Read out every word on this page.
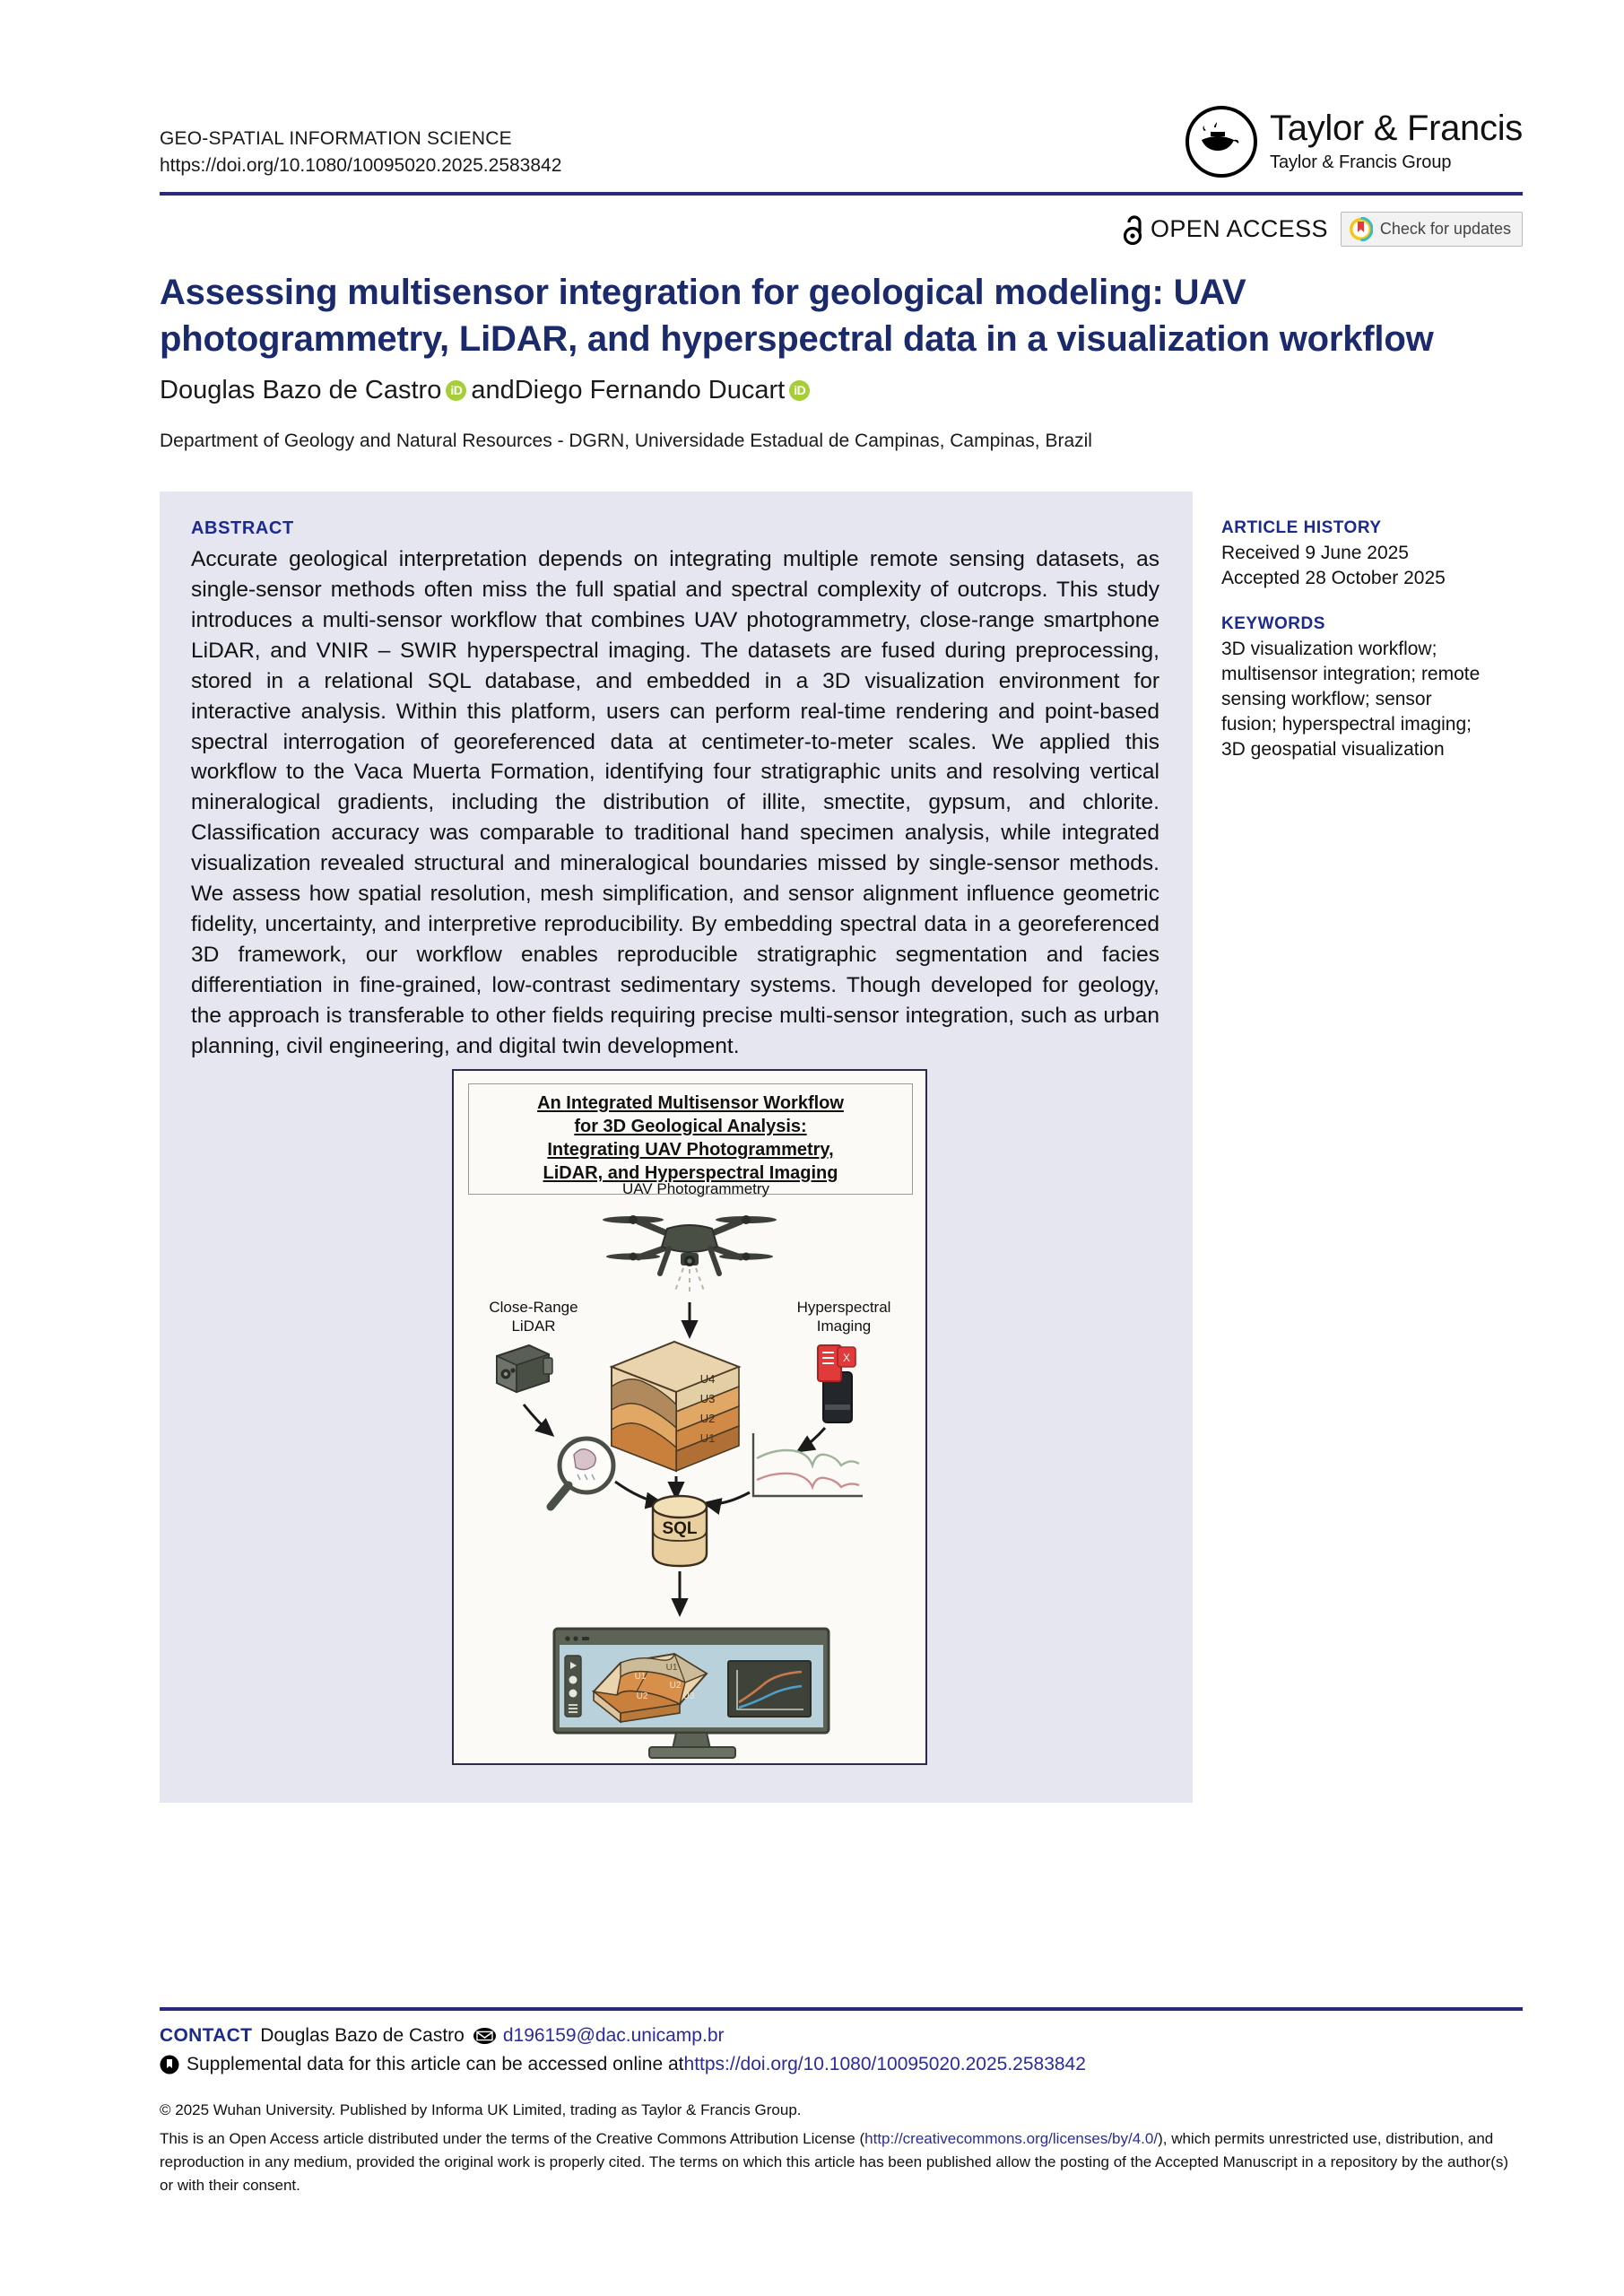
GEO-SPATIAL INFORMATION SCIENCE
https://doi.org/10.1080/10095020.2025.2583842
Taylor & Francis
Taylor & Francis Group
OPEN ACCESS	Check for updates
Assessing multisensor integration for geological modeling: UAV photogrammetry, LiDAR, and hyperspectral data in a visualization workflow
Douglas Bazo de Castro iD and Diego Fernando Ducart iD
Department of Geology and Natural Resources - DGRN, Universidade Estadual de Campinas, Campinas, Brazil
ABSTRACT
Accurate geological interpretation depends on integrating multiple remote sensing datasets, as single-sensor methods often miss the full spatial and spectral complexity of outcrops. This study introduces a multi-sensor workflow that combines UAV photogrammetry, close-range smartphone LiDAR, and VNIR – SWIR hyperspectral imaging. The datasets are fused during preprocessing, stored in a relational SQL database, and embedded in a 3D visualization environment for interactive analysis. Within this platform, users can perform real-time rendering and point-based spectral interrogation of georeferenced data at centimeter-to-meter scales. We applied this workflow to the Vaca Muerta Formation, identifying four stratigraphic units and resolving vertical mineralogical gradients, including the distribution of illite, smectite, gypsum, and chlorite. Classification accuracy was comparable to traditional hand specimen analysis, while integrated visualization revealed structural and mineralogical boundaries missed by single-sensor methods. We assess how spatial resolution, mesh simplification, and sensor alignment influence geometric fidelity, uncertainty, and interpretive reproducibility. By embedding spectral data in a georeferenced 3D framework, our workflow enables reproducible stratigraphic segmentation and facies differentiation in fine-grained, low-contrast sedimentary systems. Though developed for geology, the approach is transferable to other fields requiring precise multi-sensor integration, such as urban planning, civil engineering, and digital twin development.
ARTICLE HISTORY
Received 9 June 2025
Accepted 28 October 2025
KEYWORDS
3D visualization workflow; multisensor integration; remote sensing workflow; sensor fusion; hyperspectral imaging; 3D geospatial visualization
An Integrated Multisensor Workflow
for 3D Geological Analysis:
Integrating UAV Photogrammetry,
LiDAR, and Hyperspectral Imaging
UAV Photogrammetry
Close-Range
LiDAR
Hyperspectral
Imaging
U4
U3
U2
U1
X
SQL
U1
U1
U2
U2
U3
CONTACT Douglas Bazo de Castro d196159@dac.unicamp.br
Supplemental data for this article can be accessed online at https://doi.org/10.1080/10095020.2025.2583842
© 2025 Wuhan University. Published by Informa UK Limited, trading as Taylor & Francis Group.
This is an Open Access article distributed under the terms of the Creative Commons Attribution License (http://creativecommons.org/licenses/by/4.0/), which permits unrestricted use, distribution, and reproduction in any medium, provided the original work is properly cited. The terms on which this article has been published allow the posting of the Accepted Manuscript in a repository by the author(s) or with their consent.
